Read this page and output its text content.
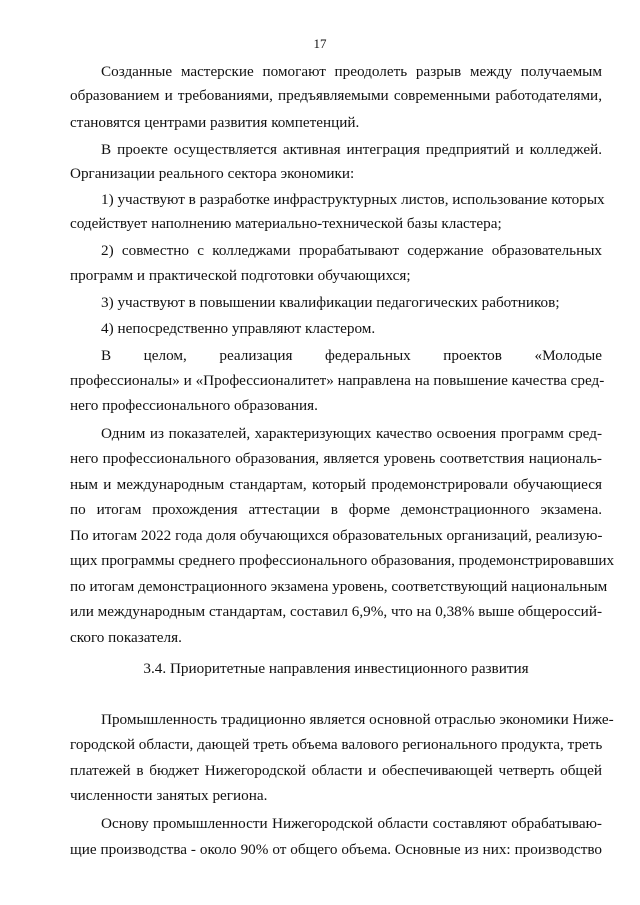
17
Созданные мастерские помогают преодолеть разрыв между получаемым
образованием и требованиями, предъявляемыми современными работодателями,
становятся центрами развития компетенций.
В проекте осуществляется активная интеграция предприятий и колледжей.
Организации реального сектора экономики:
1) участвуют в разработке инфраструктурных листов, использование которых
содействует наполнению материально-технической базы кластера;
2) совместно с колледжами прорабатывают содержание образовательных
программ и практической подготовки обучающихся;
3) участвуют в повышении квалификации педагогических работников;
4) непосредственно управляют кластером.
В целом, реализация федеральных проектов «Молодые
профессионалы» и «Профессионалитет» направлена на повышение качества сред-
него профессионального образования.
Одним из показателей, характеризующих качество освоения программ сред-
него профессионального образования, является уровень соответствия националь-
ным и международным стандартам, который продемонстрировали обучающиеся
по итогам прохождения аттестации в форме демонстрационного экзамена.
По итогам 2022 года доля обучающихся образовательных организаций, реализую-
щих программы среднего профессионального образования, продемонстрировавших
по итогам демонстрационного экзамена уровень, соответствующий национальным
или международным стандартам, составил 6,9%, что на 0,38% выше общероссий-
ского показателя.
3.4. Приоритетные направления инвестиционного развития
Промышленность традиционно является основной отраслью экономики Ниже-
городской области, дающей треть объема валового регионального продукта, треть
платежей в бюджет Нижегородской области и обеспечивающей четверть общей
численности занятых региона.
Основу промышленности Нижегородской области составляют обрабатываю-
щие производства - около 90% от общего объема. Основные из них: производство
